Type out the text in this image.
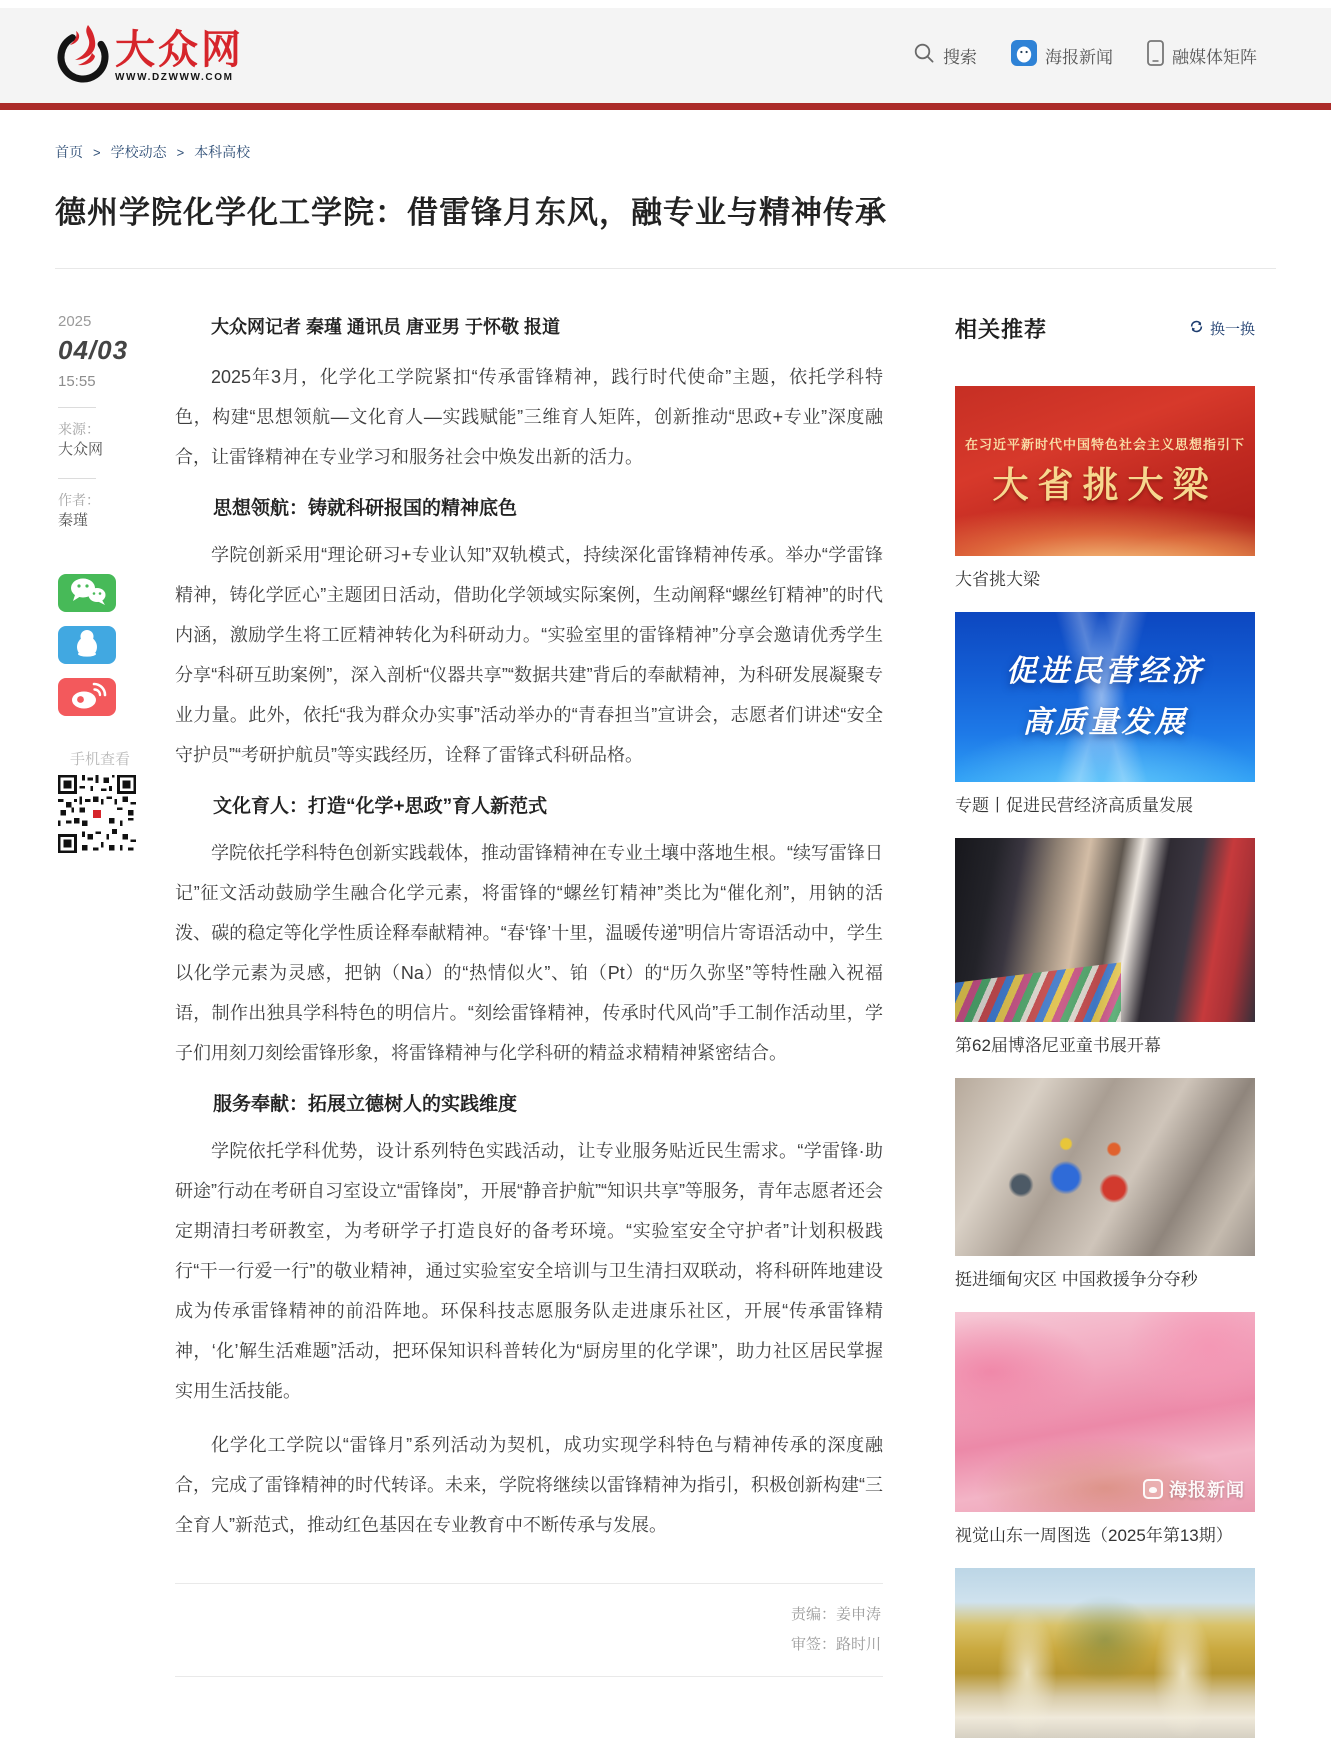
大众网
WWW.DZWWW.COM
搜索	海报新闻	融媒体矩阵
首页 > 学校动态 > 本科高校
德州学院化学化工学院：借雷锋月东风，融专业与精神传承
2025
04/03
15:55
来源：
大众网
作者：
秦瑾
手机查看
大众网记者 秦瑾 通讯员 唐亚男 于怀敬 报道

2025年3月，化学化工学院紧扣“传承雷锋精神，践行时代使命”主题，依托学科特色，构建“思想领航—文化育人—实践赋能”三维育人矩阵，创新推动“思政+专业”深度融合，让雷锋精神在专业学习和服务社会中焕发出新的活力。

思想领航：铸就科研报国的精神底色

学院创新采用“理论研习+专业认知”双轨模式，持续深化雷锋精神传承。举办“学雷锋精神，铸化学匠心”主题团日活动，借助化学领域实际案例，生动阐释“螺丝钉精神”的时代内涵，激励学生将工匠精神转化为科研动力。“实验室里的雷锋精神”分享会邀请优秀学生分享“科研互助案例”，深入剖析“仪器共享”“数据共建”背后的奉献精神，为科研发展凝聚专业力量。此外，依托“我为群众办实事”活动举办的“青春担当”宣讲会，志愿者们讲述“安全守护员”“考研护航员”等实践经历，诠释了雷锋式科研品格。

文化育人：打造“化学+思政”育人新范式

学院依托学科特色创新实践载体，推动雷锋精神在专业土壤中落地生根。“续写雷锋日记”征文活动鼓励学生融合化学元素，将雷锋的“螺丝钉精神”类比为“催化剂”，用钠的活泼、碳的稳定等化学性质诠释奉献精神。“春‘锋’十里，温暖传递”明信片寄语活动中，学生以化学元素为灵感，把钠（Na）的“热情似火”、铂（Pt）的“历久弥坚”等特性融入祝福语，制作出独具学科特色的明信片。“刻绘雷锋精神，传承时代风尚”手工制作活动里，学子们用刻刀刻绘雷锋形象，将雷锋精神与化学科研的精益求精精神紧密结合。

服务奉献：拓展立德树人的实践维度

学院依托学科优势，设计系列特色实践活动，让专业服务贴近民生需求。“学雷锋·助研途”行动在考研自习室设立“雷锋岗”，开展“静音护航”“知识共享”等服务，青年志愿者还会定期清扫考研教室，为考研学子打造良好的备考环境。“实验室安全守护者”计划积极践行“干一行爱一行”的敬业精神，通过实验室安全培训与卫生清扫双联动，将科研阵地建设成为传承雷锋精神的前沿阵地。环保科技志愿服务队走进康乐社区，开展“传承雷锋精神，‘化’解生活难题”活动，把环保知识科普转化为“厨房里的化学课”，助力社区居民掌握实用生活技能。

化学化工学院以“雷锋月”系列活动为契机，成功实现学科特色与精神传承的深度融合，完成了雷锋精神的时代转译。未来，学院将继续以雷锋精神为指引，积极创新构建“三全育人”新范式，推动红色基因在专业教育中不断传承与发展。

责编：姜申涛
审签：路时川
相关推荐	换一换
在习近平新时代中国特色社会主义思想指引下
大省挑大梁
大省挑大梁
促进民营经济
高质量发展
专题丨促进民营经济高质量发展
第62届博洛尼亚童书展开幕
挺进缅甸灾区 中国救援争分夺秒
海报新闻
视觉山东一周图选（2025年第13期）
